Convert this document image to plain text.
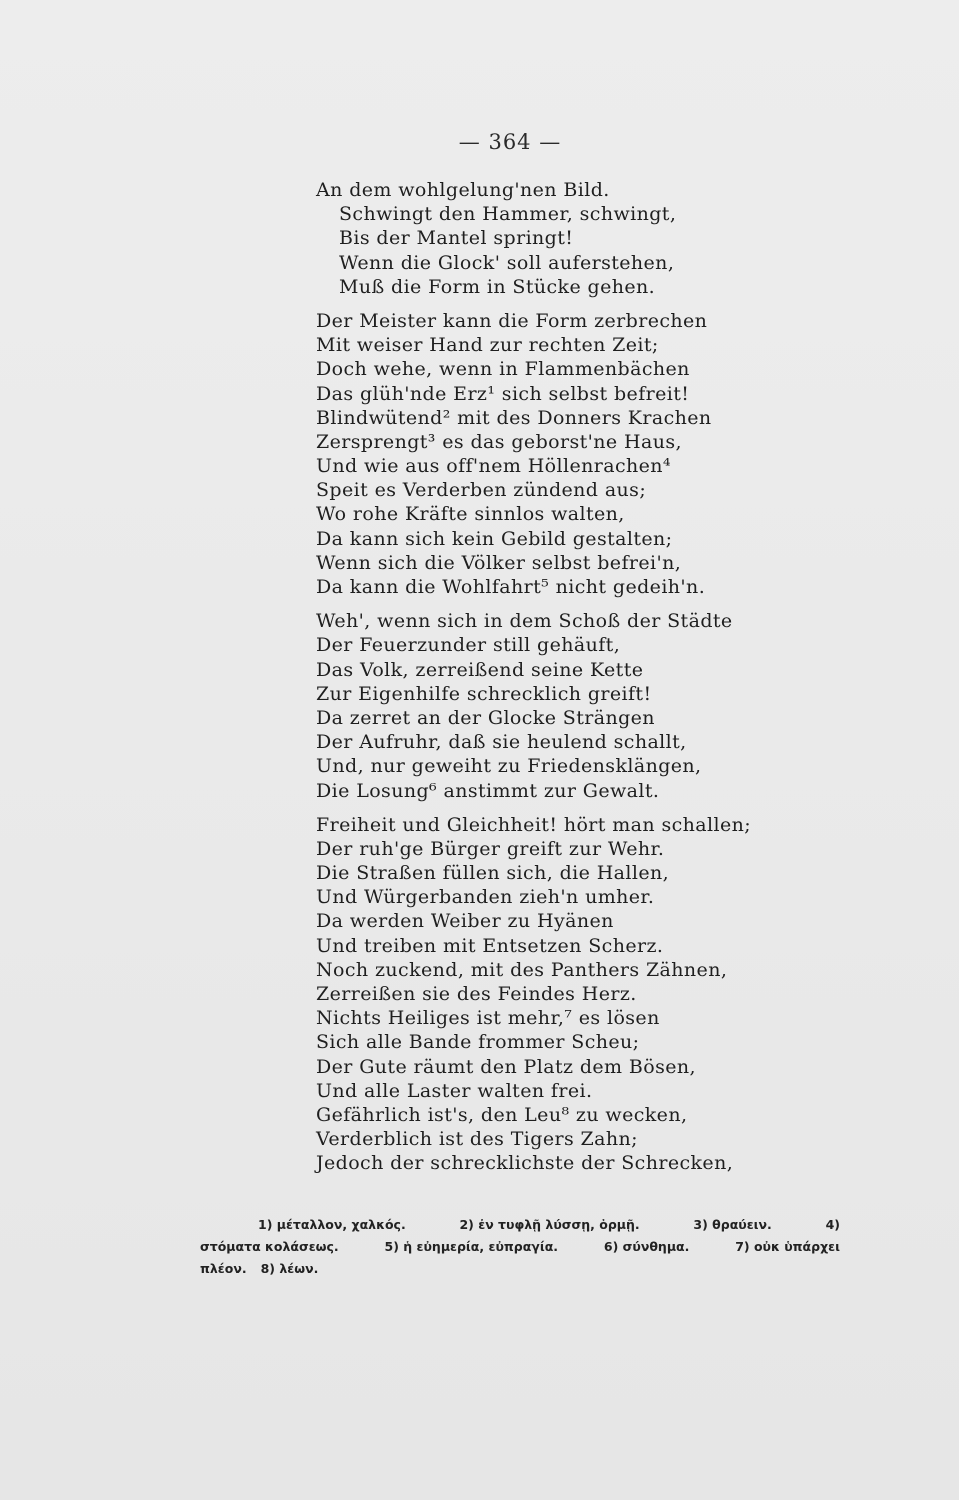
— 364 —
An dem wohlgelung'nen Bild.
Schwingt den Hammer, schwingt,
Bis der Mantel springt!
Wenn die Glock' soll auferstehen,
Muß die Form in Stücke gehen.
Der Meister kann die Form zerbrechen
Mit weiser Hand zur rechten Zeit;
Doch wehe, wenn in Flammenbächen
Das glüh'nde Erz¹ sich selbst befreit!
Blindwütend² mit des Donners Krachen
Zersprengt³ es das geborst'ne Haus,
Und wie aus off'nem Höllenrachen⁴
Speit es Verderben zündend aus;
Wo rohe Kräfte sinnlos walten,
Da kann sich kein Gebild gestalten;
Wenn sich die Völker selbst befrei'n,
Da kann die Wohlfahrt⁵ nicht gedeih'n.
Weh', wenn sich in dem Schoß der Städte
Der Feuerzunder still gehäuft,
Das Volk, zerreißend seine Kette
Zur Eigenhilfe schrecklich greift!
Da zerret an der Glocke Strängen
Der Aufruhr, daß sie heulend schallt,
Und, nur geweiht zu Friedensklängen,
Die Losung⁶ anstimmt zur Gewalt.
Freiheit und Gleichheit! hört man schallen;
Der ruh'ge Bürger greift zur Wehr.
Die Straßen füllen sich, die Hallen,
Und Würgerbanden zieh'n umher.
Da werden Weiber zu Hyänen
Und treiben mit Entsetzen Scherz.
Noch zuckend, mit des Panthers Zähnen,
Zerreißen sie des Feindes Herz.
Nichts Heiliges ist mehr,⁷ es lösen
Sich alle Bande frommer Scheu;
Der Gute räumt den Platz dem Bösen,
Und alle Laster walten frei.
Gefährlich ist's, den Leu⁸ zu wecken,
Verderblich ist des Tigers Zahn;
Jedoch der schrecklichste der Schrecken,
1) μέταλλον, χαλκός.	2) ἐν τυφλῇ λύσσῃ, ὁρμῇ.	3) θραύειν.	4)
στόματα κολάσεως.	5) ἡ εὐημερία, εὐπραγία.	6) σύνθημα.	7) οὐκ ὑπάρχει
πλέον. 8) λέων.
